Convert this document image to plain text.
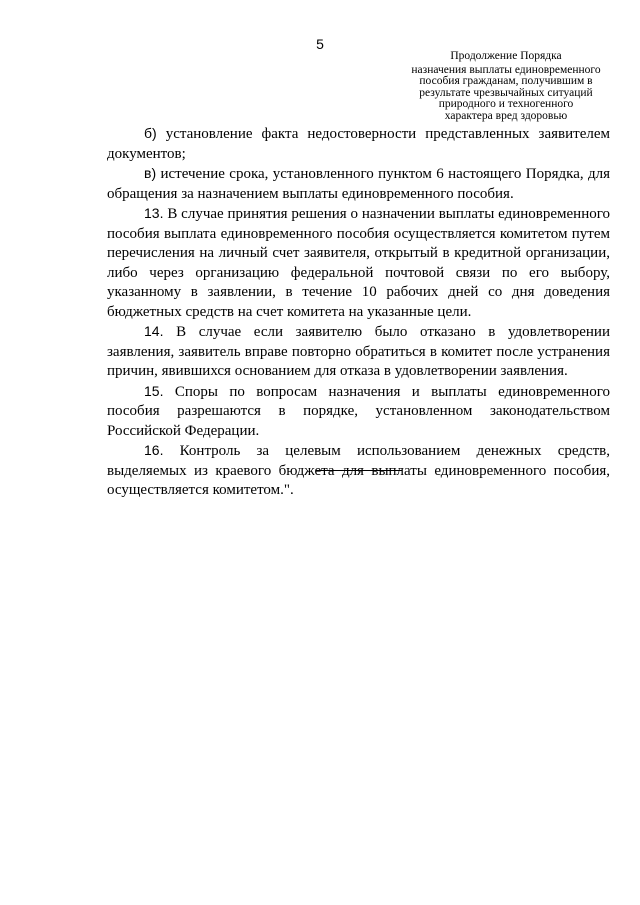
5
Продолжение Порядка
назначения выплаты единовременного
пособия гражданам, получившим в
результате чрезвычайных ситуаций
природного и техногенного
характера вред здоровью

б) установление факта недостоверности представленных заявителем документов;

в) истечение срока, установленного пунктом 6 настоящего Порядка, для обращения за назначением выплаты единовременного пособия.

13. В случае принятия решения о назначении выплаты единовременного пособия выплата единовременного пособия осуществляется комитетом путем перечисления на личный счет заявителя, открытый в кредитной организации, либо через организацию федеральной почтовой связи по его выбору, указанному в заявлении, в течение 10 рабочих дней со дня доведения бюджетных средств на счет комитета на указанные цели.

14. В случае если заявителю было отказано в удовлетворении заявления, заявитель вправе повторно обратиться в комитет после устранения причин, явившихся основанием для отказа в удовлетворении заявления.

15. Споры по вопросам назначения и выплаты единовременного пособия разрешаются в порядке, установленном законодательством Российской Федерации.

16. Контроль за целевым использованием денежных средств, выделяемых из краевого бюджета для выплаты единовременного пособия, осуществляется комитетом.".
